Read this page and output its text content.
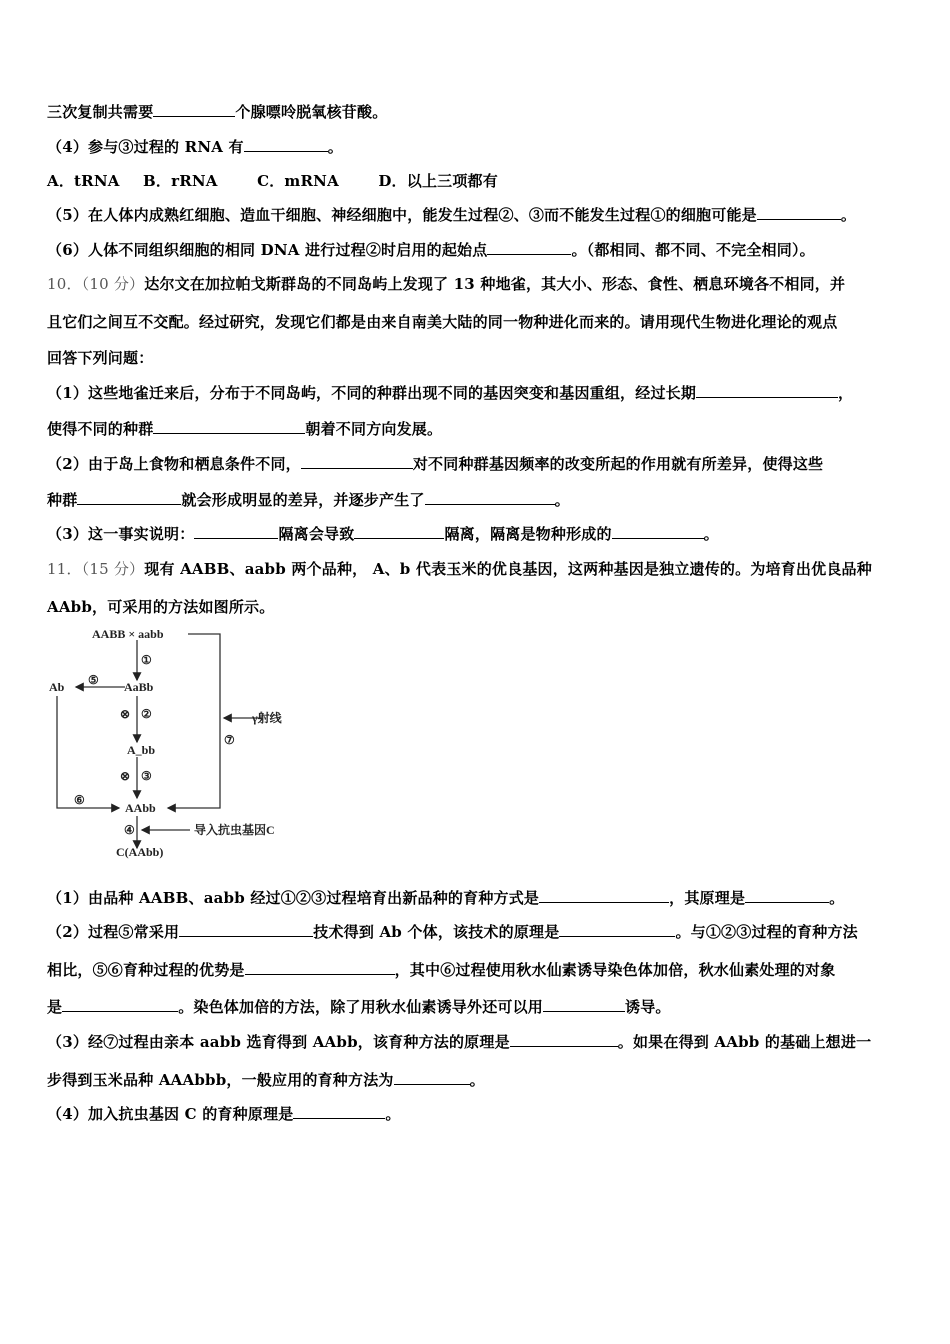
三次复制共需要	个腺嘌呤脱氧核苷酸。
（4）参与③过程的 RNA 有	。
A．tRNA B．rRNA	C．mRNA	D．以上三项都有
（5）在人体内成熟红细胞、造血干细胞、神经细胞中，能发生过程②、③而不能发生过程①的细胞可能是	。
（6）人体不同组织细胞的相同 DNA 进行过程②时启用的起始点	。（都相同、都不同、不完全相同）。
10．（10 分）达尔文在加拉帕戈斯群岛的不同岛屿上发现了 13 种地雀，其大小、形态、食性、栖息环境各不相同，并
且它们之间互不交配。经过研究，发现它们都是由来自南美大陆的同一物种进化而来的。请用现代生物进化理论的观点
回答下列问题：
（1）这些地雀迁来后，分布于不同岛屿，不同的种群出现不同的基因突变和基因重组，经过长期	，
使得不同的种群	朝着不同方向发展。
（2）由于岛上食物和栖息条件不同，	对不同种群基因频率的改变所起的作用就有所差异，使得这些
种群	就会形成明显的差异，并逐步产生了	。
（3）这一事实说明：	隔离会导致	隔离，隔离是物种形成的	。
11．（15 分）现有 AABB、aabb 两个品种， A、b 代表玉米的优良基因，这两种基因是独立遗传的。为培育出优良品种
AAbb，可采用的方法如图所示。
AABB × aabb
AaBb
A_bb
AAbb
Ab
C(AAbb)
γ射线
导入抗虫基因C
①
②
③
④
⑤
⑥
⑦
⊗
⊗
（1）由品种 AABB、aabb 经过①②③过程培育出新品种的育种方式是	，其原理是	。
（2）过程⑤常采用	技术得到 Ab 个体，该技术的原理是	。与①②③过程的育种方法
相比，⑤⑥育种过程的优势是	，其中⑥过程使用秋水仙素诱导染色体加倍，秋水仙素处理的对象
是	。染色体加倍的方法，除了用秋水仙素诱导外还可以用	诱导。
（3）经⑦过程由亲本 aabb 选育得到 AAbb，该育种方法的原理是	。如果在得到 AAbb 的基础上想进一
步得到玉米品种 AAAbbb，一般应用的育种方法为	。
（4）加入抗虫基因 C 的育种原理是	。
